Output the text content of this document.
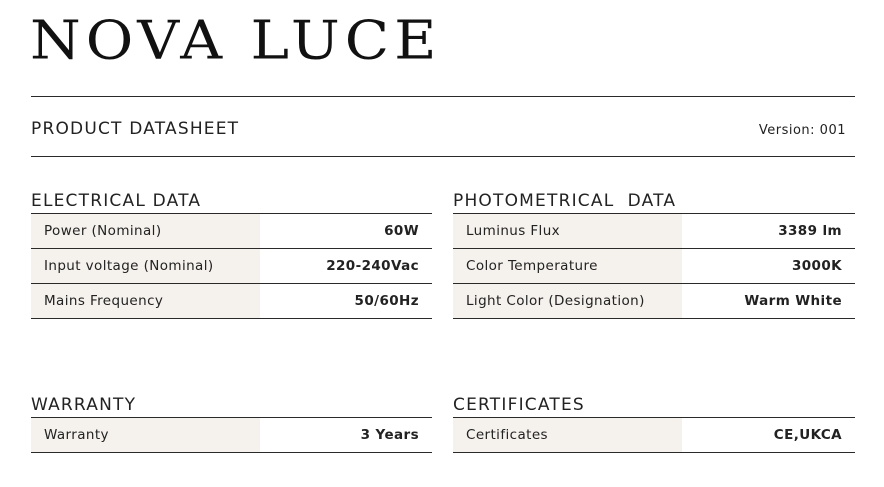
NOVA LUCE
PRODUCT DATASHEET	Version: 001
ELECTRICAL DATA
Power (Nominal)	60W
Input voltage (Nominal)	220-240Vac
Mains Frequency	50/60Hz
PHOTOMETRICAL  DATA
Luminus Flux	3389 lm
Color Temperature	3000K
Light Color (Designation)	Warm White
WARRANTY
Warranty	3 Years
CERTIFICATES
Certificates	CE,UKCA
